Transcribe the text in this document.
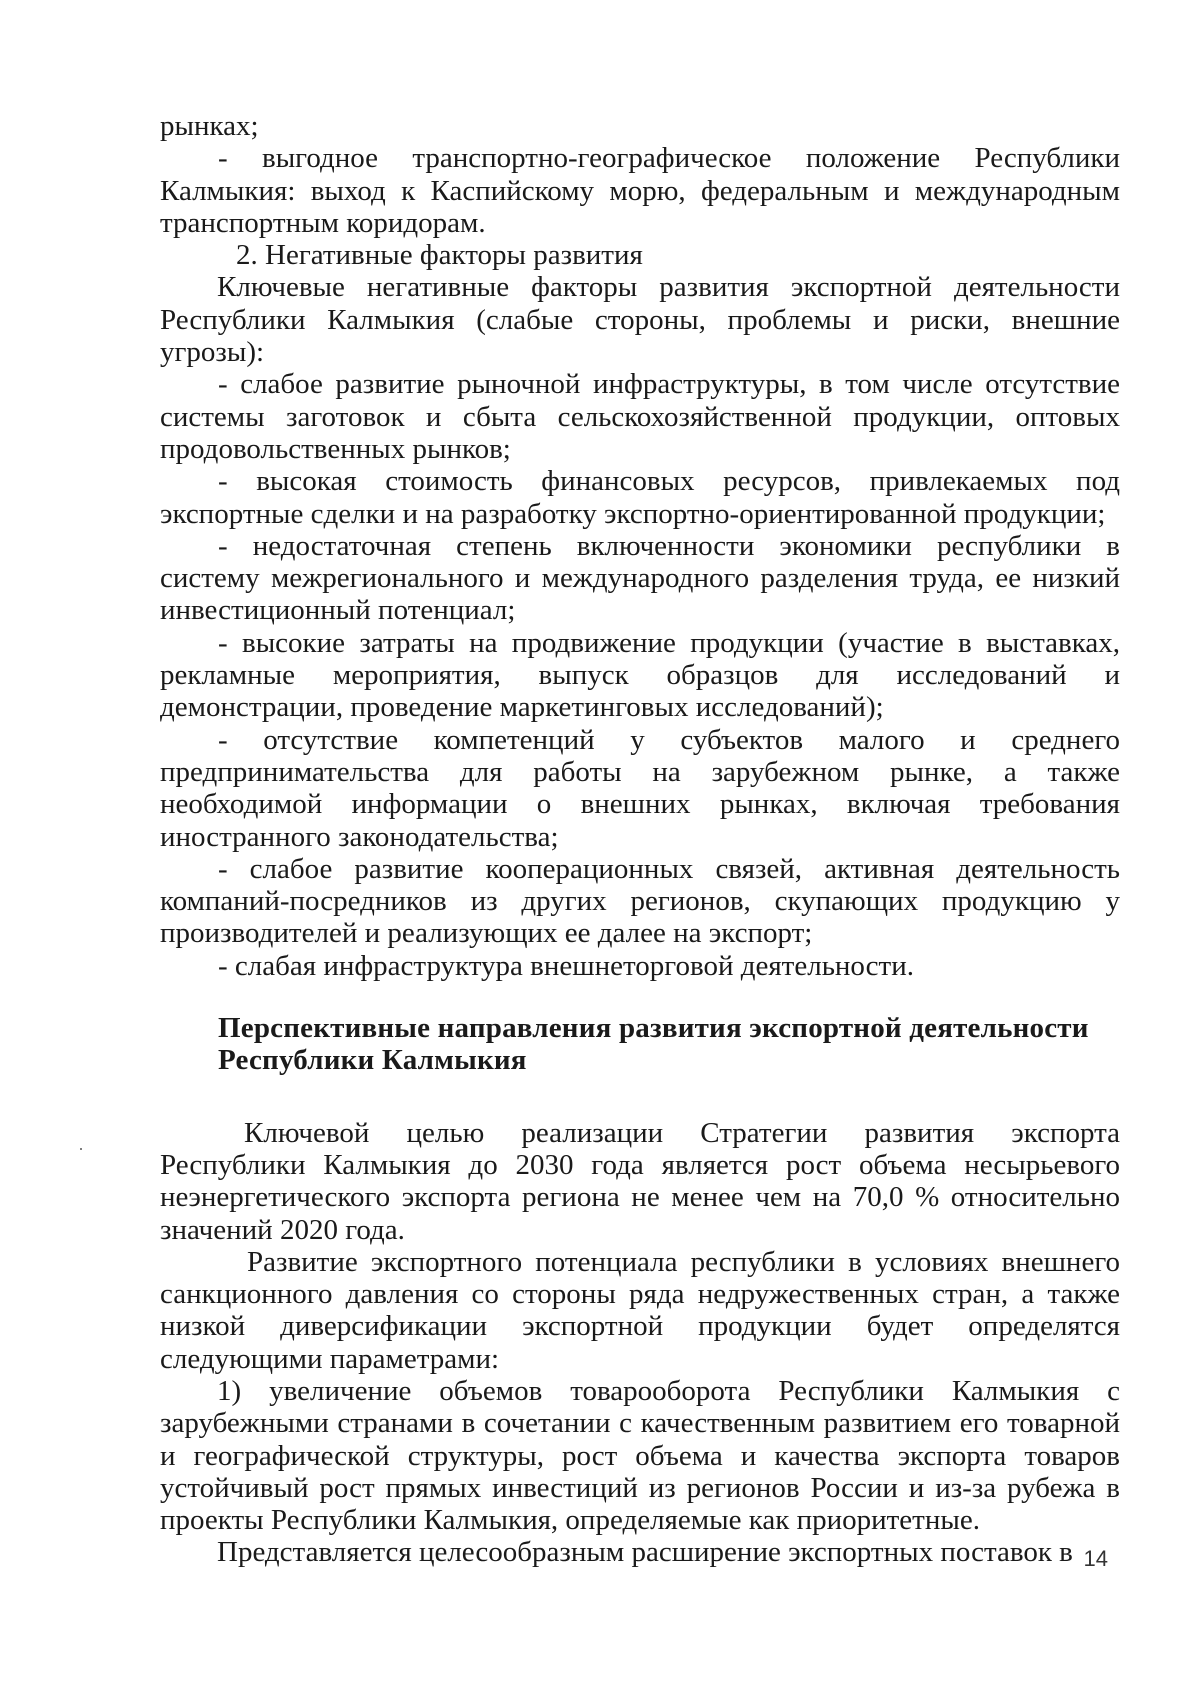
рынках;

- выгодное транспортно-географическое положение Республики Калмыкия: выход к Каспийскому морю, федеральным и международным транспортным коридорам.

2. Негативные факторы развития

Ключевые негативные факторы развития экспортной деятельности Республики Калмыкия (слабые стороны, проблемы и риски, внешние угрозы):

- слабое развитие рыночной инфраструктуры, в том числе отсутствие системы заготовок и сбыта сельскохозяйственной продукции, оптовых продовольственных рынков;

- высокая стоимость финансовых ресурсов, привлекаемых под экспортные сделки и на разработку экспортно-ориентированной продукции;

- недостаточная степень включенности экономики республики в систему межрегионального и международного разделения труда, ее низкий инвестиционный потенциал;

- высокие затраты на продвижение продукции (участие в выставках, рекламные мероприятия, выпуск образцов для исследований и демонстрации, проведение маркетинговых исследований);

- отсутствие компетенций у субъектов малого и среднего предпринимательства для работы на зарубежном рынке, а также необходимой информации о внешних рынках, включая требования иностранного законодательства;

- слабое развитие кооперационных связей, активная деятельность компаний-посредников из других регионов, скупающих продукцию у производителей и реализующих ее далее на экспорт;

- слабая инфраструктура внешнеторговой деятельности.

Перспективные направления развития экспортной деятельности

Республики Калмыкия

Ключевой целью реализации Стратегии развития экспорта Республики Калмыкия до 2030 года является рост объема несырьевого неэнергетического экспорта региона не менее чем на 70,0 % относительно значений 2020 года.

Развитие экспортного потенциала республики в условиях внешнего санкционного давления со стороны ряда недружественных стран, а также низкой диверсификации экспортной продукции будет определятся следующими параметрами:

1) увеличение объемов товарооборота Республики Калмыкия с зарубежными странами в сочетании с качественным развитием его товарной и географической структуры, рост объема и качества экспорта товаров устойчивый рост прямых инвестиций из регионов России и из-за рубежа в проекты Республики Калмыкия, определяемые как приоритетные.

Представляется целесообразным расширение экспортных поставок в 14
